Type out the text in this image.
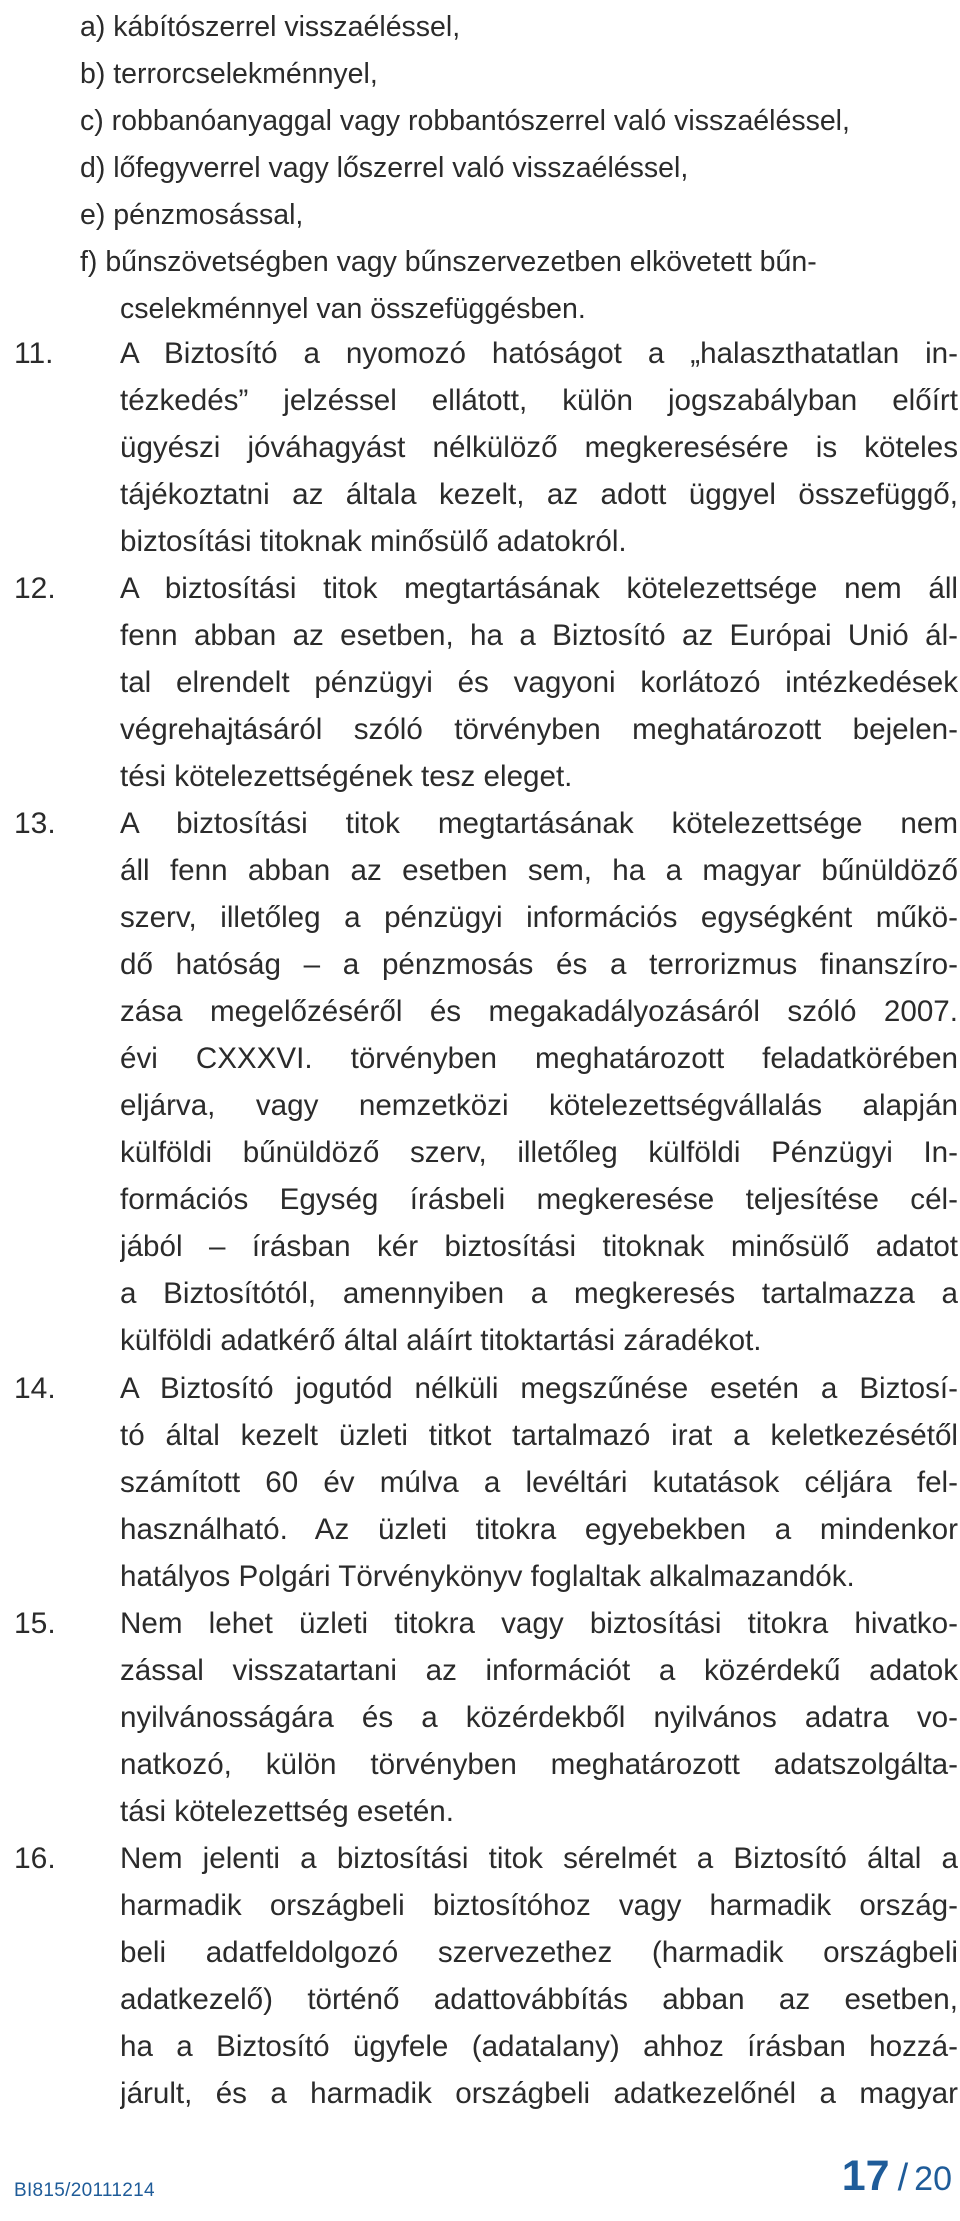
a) kábítószerrel visszaéléssel,
b) terrorcselekménnyel,
c) robbanóanyaggal vagy robbantószerrel való visszaéléssel,
d) lőfegyverrel vagy lőszerrel való visszaéléssel,
e) pénzmosással,
f) bűnszövetségben vagy bűnszervezetben elkövetett bűn-
cselekménnyel van összefüggésben.
11.	A Biztosító a nyomozó hatóságot a „halaszthatatlan in-
tézkedés” jelzéssel ellátott, külön jogszabályban előírt
ügyészi jóváhagyást nélkülöző megkeresésére is köteles
tájékoztatni az általa kezelt, az adott üggyel összefüggő,
biztosítási titoknak minősülő adatokról.
12.	A biztosítási titok megtartásának kötelezettsége nem áll
fenn abban az esetben, ha a Biztosító az Európai Unió ál-
tal elrendelt pénzügyi és vagyoni korlátozó intézkedések
végrehajtásáról szóló törvényben meghatározott bejelen-
tési kötelezettségének tesz eleget.
13.	A biztosítási titok megtartásának kötelezettsége nem
áll fenn abban az esetben sem, ha a magyar bűnüldöző
szerv, illetőleg a pénzügyi információs egységként műkö-
dő hatóság – a pénzmosás és a terrorizmus finanszíro-
zása megelőzéséről és megakadályozásáról szóló 2007.
évi CXXXVI. törvényben meghatározott feladatkörében
eljárva, vagy nemzetközi kötelezettségvállalás alapján
külföldi bűnüldöző szerv, illetőleg külföldi Pénzügyi In-
formációs Egység írásbeli megkeresése teljesítése cél-
jából – írásban kér biztosítási titoknak minősülő adatot
a Biztosítótól, amennyiben a megkeresés tartalmazza a
külföldi adatkérő által aláírt titoktartási záradékot.
14.	A Biztosító jogutód nélküli megszűnése esetén a Biztosí-
tó által kezelt üzleti titkot tartalmazó irat a keletkezésétől
számított 60 év múlva a levéltári kutatások céljára fel-
használható. Az üzleti titokra egyebekben a mindenkor
hatályos Polgári Törvénykönyv foglaltak alkalmazandók.
15.	Nem lehet üzleti titokra vagy biztosítási titokra hivatko-
zással visszatartani az információt a közérdekű adatok
nyilvánosságára és a közérdekből nyilvános adatra vo-
natkozó, külön törvényben meghatározott adatszolgálta-
tási kötelezettség esetén.
16.	Nem jelenti a biztosítási titok sérelmét a Biztosító által a
harmadik országbeli biztosítóhoz vagy harmadik ország-
beli adatfeldolgozó szervezethez (harmadik országbeli
adatkezelő) történő adattovábbítás abban az esetben,
ha a Biztosító ügyfele (adatalany) ahhoz írásban hozzá-
járult, és a harmadik országbeli adatkezelőnél a magyar
BI815/20111214	17 / 20
